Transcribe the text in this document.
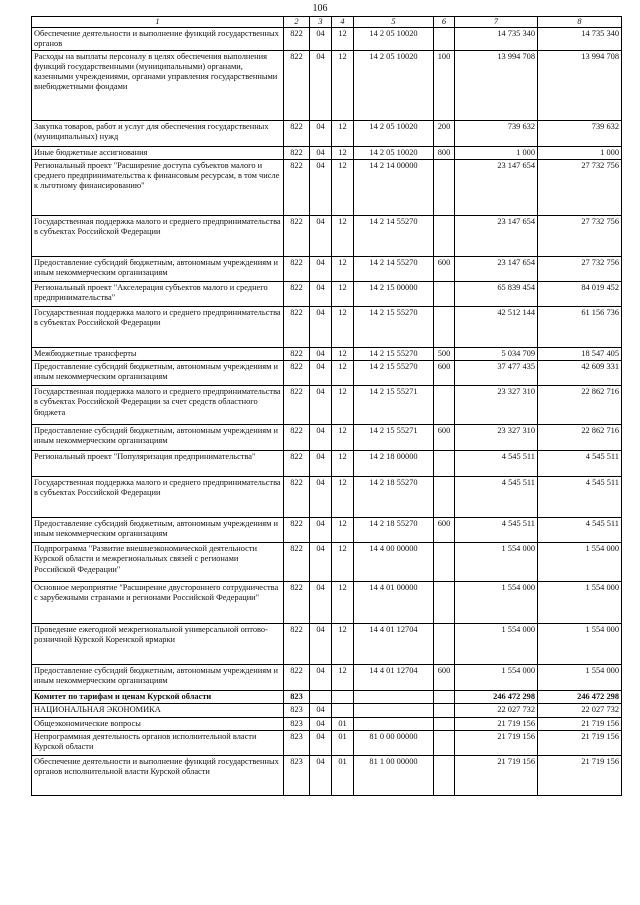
106
1	2	3	4	5	6	7	8
Обеспечение деятельности и выполнение функций государственных органов	822	04	12	14 2 05 10020		14 735 340	14 735 340
Расходы на выплаты персоналу в целях обеспечения выполнения функций государственными (муниципальными) органами, казенными учреждениями, органами управления государственными внебюджетными фондами	822	04	12	14 2 05 10020	100	13 994 708	13 994 708
Закупка товаров, работ и услуг для обеспечения государственных (муниципальных) нужд	822	04	12	14 2 05 10020	200	739 632	739 632
Иные бюджетные ассигнования	822	04	12	14 2 05 10020	800	1 000	1 000
Региональный проект "Расширение доступа субъектов малого и среднего предпринимательства к финансовым ресурсам, в том числе к льготному финансированию"	822	04	12	14 2 14 00000		23 147 654	27 732 756
Государственная поддержка малого и среднего предпринимательства в субъектах Российской Федерации	822	04	12	14 2 14 55270		23 147 654	27 732 756
Предоставление субсидий бюджетным, автономным учреждениям и иным некоммерческим организациям	822	04	12	14 2 14 55270	600	23 147 654	27 732 756
Региональный проект "Акселерация субъектов малого и среднего предпринимательства"	822	04	12	14 2 15 00000		65 839 454	84 019 452
Государственная поддержка малого и среднего предпринимательства в субъектах Российской Федерации	822	04	12	14 2 15 55270		42 512 144	61 156 736
Межбюджетные трансферты	822	04	12	14 2 15 55270	500	5 034 709	18 547 405
Предоставление субсидий бюджетным, автономным учреждениям и иным некоммерческим организациям	822	04	12	14 2 15 55270	600	37 477 435	42 609 331
Государственная поддержка малого и среднего предпринимательства в субъектах Российской Федерации за счет средств областного бюджета	822	04	12	14 2 15 55271		23 327 310	22 862 716
Предоставление субсидий бюджетным, автономным учреждениям и иным некоммерческим организациям	822	04	12	14 2 15 55271	600	23 327 310	22 862 716
Региональный проект "Популяризация предпринимательства"	822	04	12	14 2 18 00000		4 545 511	4 545 511
Государственная поддержка малого и среднего предпринимательства в субъектах Российской Федерации	822	04	12	14 2 18 55270		4 545 511	4 545 511
Предоставление субсидий бюджетным, автономным учреждениям и иным некоммерческим организациям	822	04	12	14 2 18 55270	600	4 545 511	4 545 511
Подпрограмма "Развитие внешнеэкономической деятельности Курской области и межрегиональных связей с регионами Российской Федерации"	822	04	12	14 4 00 00000		1 554 000	1 554 000
Основное мероприятие "Расширение двустороннего сотрудничества с зарубежными странами и регионами Российской Федерации"	822	04	12	14 4 01 00000		1 554 000	1 554 000
Проведение ежегодной межрегиональной универсальной оптово-розничной Курской Коренской ярмарки	822	04	12	14 4 01 12704		1 554 000	1 554 000
Предоставление субсидий бюджетным, автономным учреждениям и иным некоммерческим организациям	822	04	12	14 4 01 12704	600	1 554 000	1 554 000
Комитет по тарифам и ценам Курской области	823					246 472 298	246 472 298
НАЦИОНАЛЬНАЯ ЭКОНОМИКА	823	04				22 027 732	22 027 732
Общеэкономические вопросы	823	04	01			21 719 156	21 719 156
Непрограммная деятельность органов исполнительной власти Курской области	823	04	01	81 0 00 00000		21 719 156	21 719 156
Обеспечение деятельности и выполнение функций государственных органов исполнительной власти Курской области	823	04	01	81 1 00 00000		21 719 156	21 719 156
